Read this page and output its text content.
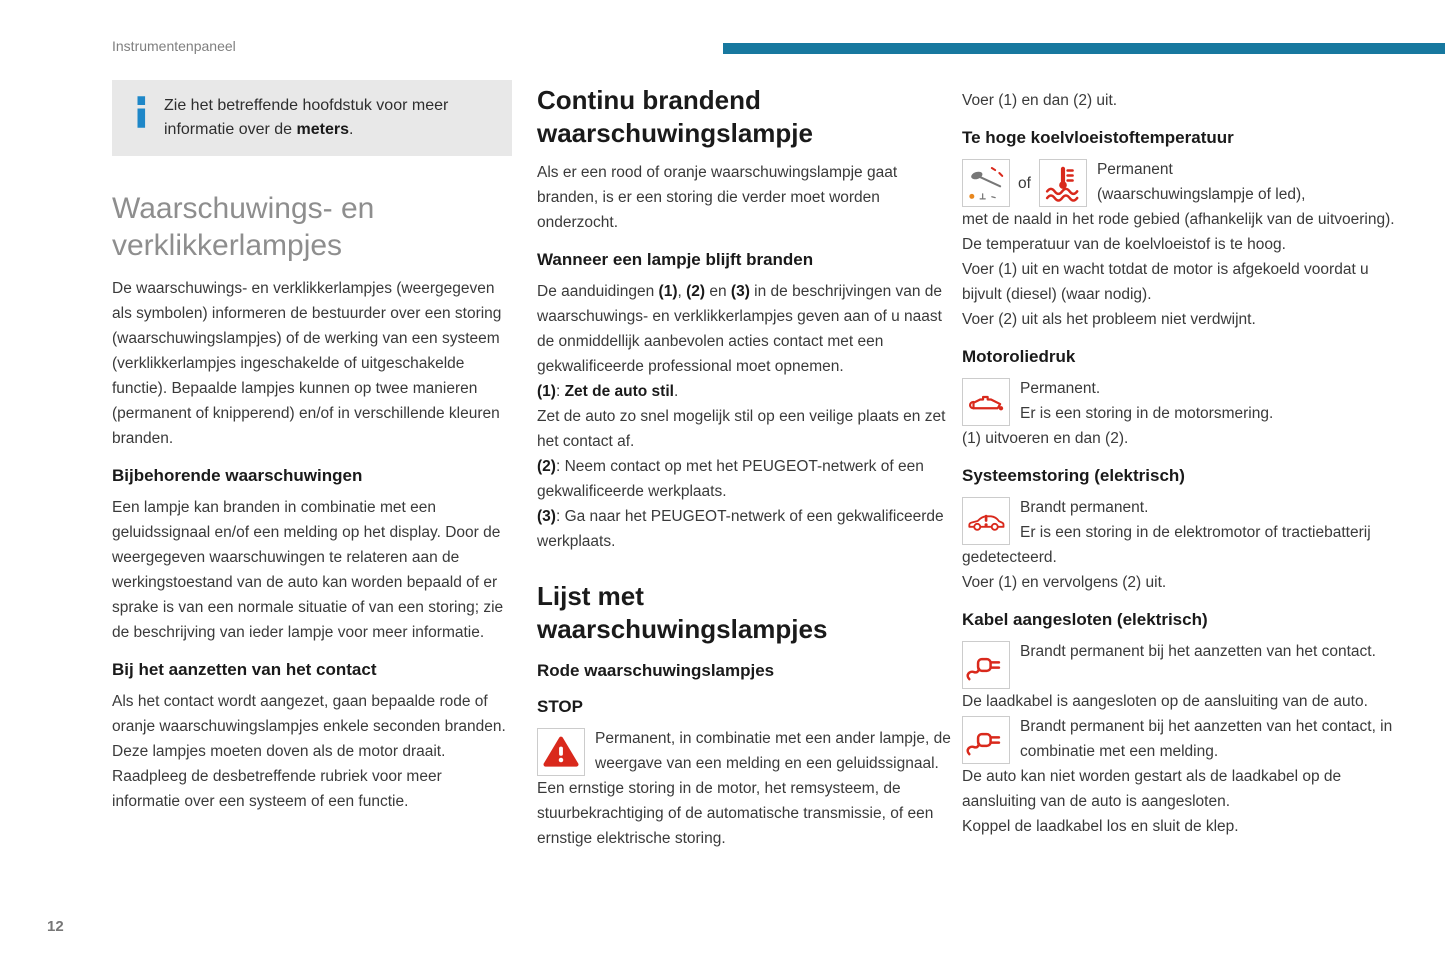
Instrumentenpaneel
Zie het betreffende hoofdstuk voor meer informatie over de meters.
Waarschuwings- en verklikkerlampjes

De waarschuwings- en verklikkerlampjes (weergegeven als symbolen) informeren de bestuurder over een storing (waarschuwingslampjes) of de werking van een systeem (verklikkerlampjes ingeschakelde of uitgeschakelde functie). Bepaalde lampjes kunnen op twee manieren (permanent of knipperend) en/of in verschillende kleuren branden.

Bijbehorende waarschuwingen

Een lampje kan branden in combinatie met een geluidssignaal en/of een melding op het display. Door de weergegeven waarschuwingen te relateren aan de werkingstoestand van de auto kan worden bepaald of er sprake is van een normale situatie of van een storing; zie de beschrijving van ieder lampje voor meer informatie.

Bij het aanzetten van het contact

Als het contact wordt aangezet, gaan bepaalde rode of oranje waarschuwingslampjes enkele seconden branden. Deze lampjes moeten doven als de motor draait.

Raadpleeg de desbetreffende rubriek voor meer informatie over een systeem of een functie.

Continu brandend waarschuwingslampje

Als er een rood of oranje waarschuwingslampje gaat branden, is er een storing die verder moet worden onderzocht.

Wanneer een lampje blijft branden

De aanduidingen (1), (2) en (3) in de beschrijvingen van de waarschuwings- en verklikkerlampjes geven aan of u naast de onmiddellijk aanbevolen acties contact met een gekwalificeerde professional moet opnemen.

(1): Zet de auto stil.

Zet de auto zo snel mogelijk stil op een veilige plaats en zet het contact af.

(2): Neem contact op met het PEUGEOT-netwerk of een gekwalificeerde werkplaats.

(3): Ga naar het PEUGEOT-netwerk of een gekwalificeerde werkplaats.

Lijst met waarschuwingslampjes
Rode waarschuwingslampjes
STOP

Permanent, in combinatie met een ander lampje, de weergave van een melding en een geluidssignaal.

Een ernstige storing in de motor, het remsysteem, de stuurbekrachtiging of de automatische transmissie, of een ernstige elektrische storing.

Voer (1) en dan (2) uit.

Te hoge koelvloeistoftemperatuur
of

Permanent

(waarschuwingslampje of led),

met de naald in het rode gebied (afhankelijk van de uitvoering).

De temperatuur van de koelvloeistof is te hoog.

Voer (1) uit en wacht totdat de motor is afgekoeld voordat u bijvult (diesel) (waar nodig).

Voer (2) uit als het probleem niet verdwijnt.

Motoroliedruk

Permanent.

Er is een storing in de motorsmering.

(1) uitvoeren en dan (2).

Systeemstoring (elektrisch)

Brandt permanent.

Er is een storing in de elektromotor of tractiebatterij gedetecteerd.

Voer (1) en vervolgens (2) uit.

Kabel aangesloten (elektrisch)

Brandt permanent bij het aanzetten van het contact.

De laadkabel is aangesloten op de aansluiting van de auto.

Brandt permanent bij het aanzetten van het contact, in combinatie met een melding.

De auto kan niet worden gestart als de laadkabel op de aansluiting van de auto is aangesloten.

Koppel de laadkabel los en sluit de klep.

12
